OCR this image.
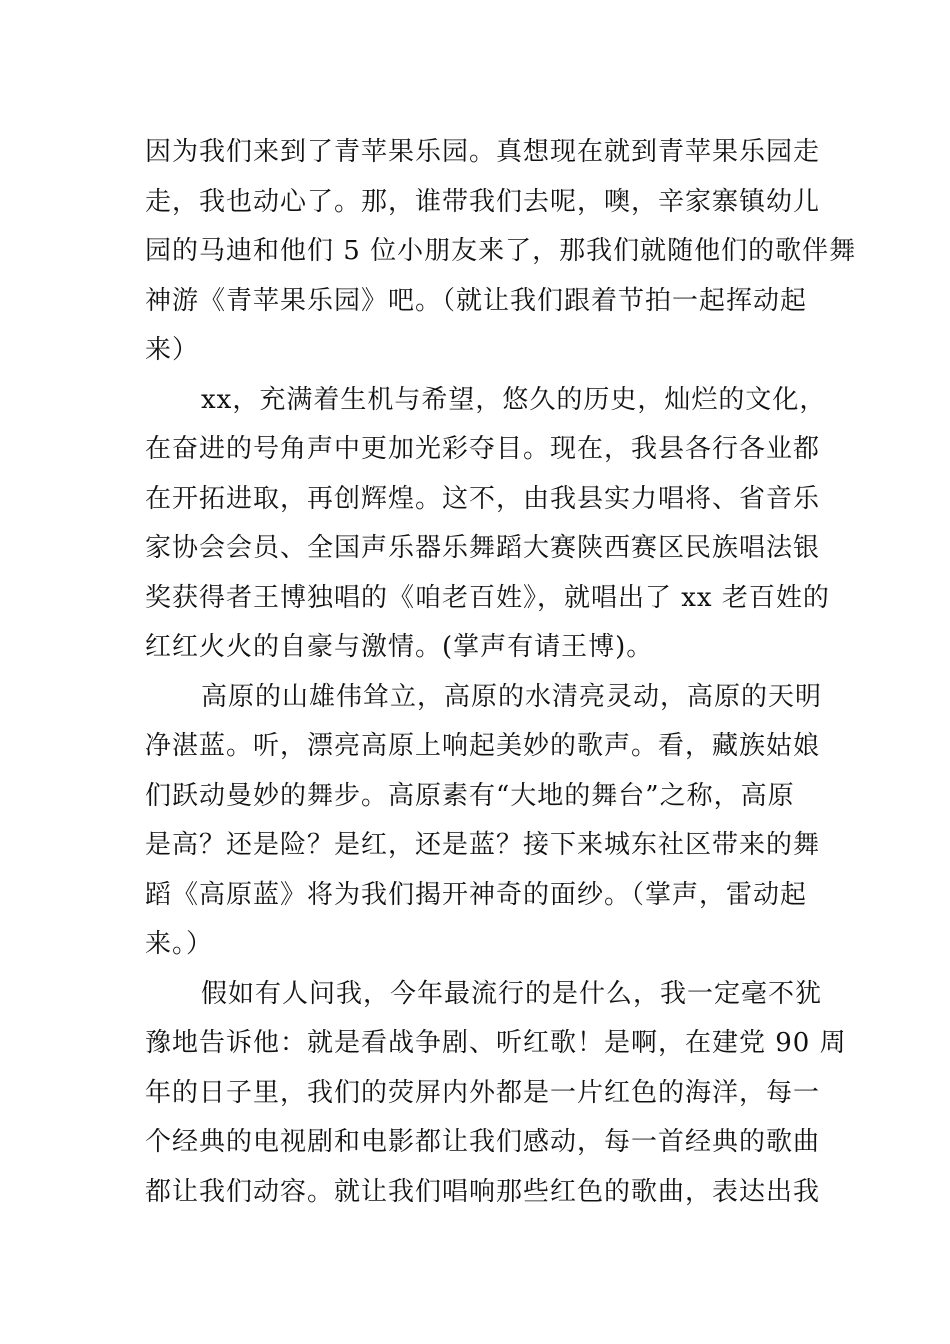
因为我们来到了青苹果乐园。真想现在就到青苹果乐园走
走，我也动心了。那，谁带我们去呢，噢，辛家寨镇幼儿
园的马迪和他们 5 位小朋友来了，那我们就随他们的歌伴舞
神游《青苹果乐园》吧。（就让我们跟着节拍一起挥动起
来）
xx，充满着生机与希望，悠久的历史，灿烂的文化，
在奋进的号角声中更加光彩夺目。现在，我县各行各业都
在开拓进取，再创辉煌。这不，由我县实力唱将、省音乐
家协会会员、全国声乐器乐舞蹈大赛陕西赛区民族唱法银
奖获得者王博独唱的《咱老百姓》，就唱出了 xx 老百姓的
红红火火的自豪与激情。(掌声有请王博)。
高原的山雄伟耸立，高原的水清亮灵动，高原的天明
净湛蓝。听，漂亮高原上响起美妙的歌声。看，藏族姑娘
们跃动曼妙的舞步。高原素有“大地的舞台”之称，高原
是高？还是险？是红，还是蓝？接下来城东社区带来的舞
蹈《高原蓝》将为我们揭开神奇的面纱。（掌声，雷动起
来。）
假如有人问我，今年最流行的是什么，我一定毫不犹
豫地告诉他：就是看战争剧、听红歌！是啊，在建党 90 周
年的日子里，我们的荧屏内外都是一片红色的海洋，每一
个经典的电视剧和电影都让我们感动，每一首经典的歌曲
都让我们动容。就让我们唱响那些红色的歌曲，表达出我
